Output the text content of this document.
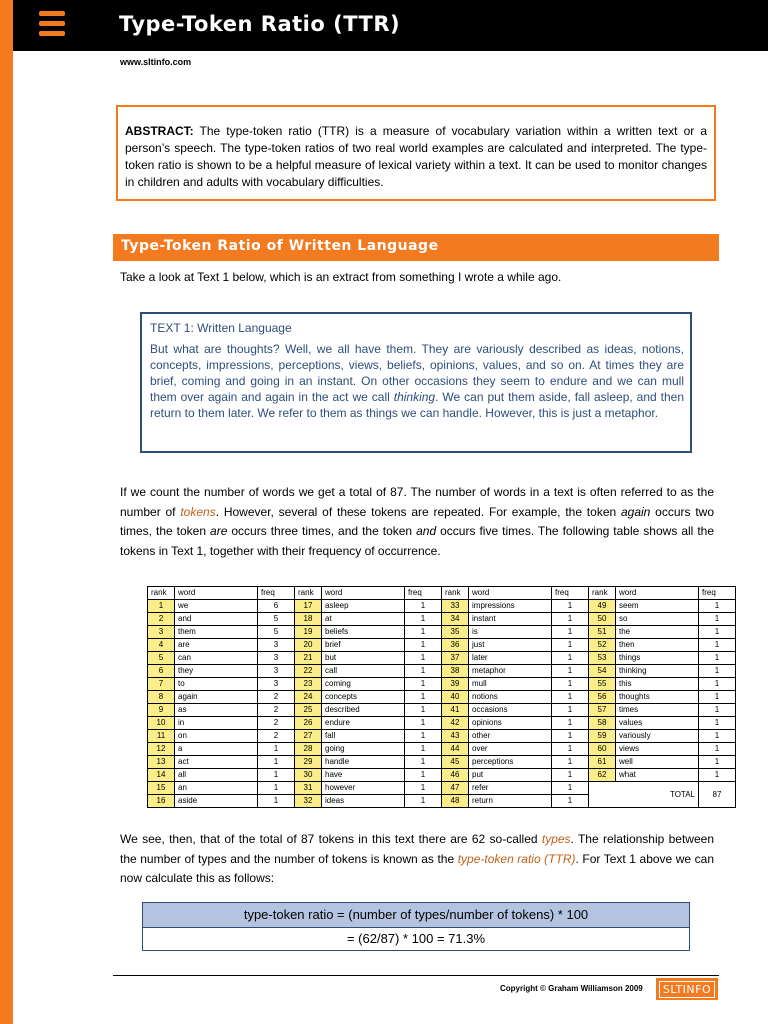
Type-Token Ratio (TTR)
www.sltinfo.com
ABSTRACT: The type-token ratio (TTR) is a measure of vocabulary variation within a written text or a person’s speech. The type-token ratios of two real world examples are calculated and interpreted. The type-token ratio is shown to be a helpful measure of lexical variety within a text. It can be used to monitor changes in children and adults with vocabulary difficulties.
Type-Token Ratio of Written Language
Take a look at Text 1 below, which is an extract from something I wrote a while ago.
TEXT 1: Written Language
But what are thoughts? Well, we all have them. They are variously described as ideas, notions, concepts, impressions, perceptions, views, beliefs, opinions, values, and so on. At times they are brief, coming and going in an instant. On other occasions they seem to endure and we can mull them over again and again in the act we call thinking. We can put them aside, fall asleep, and then return to them later. We refer to them as things we can handle. However, this is just a metaphor.
If we count the number of words we get a total of 87. The number of words in a text is often referred to as the number of tokens. However, several of these tokens are repeated. For example, the token again occurs two times, the token are occurs three times, and the token and occurs five times. The following table shows all the tokens in Text 1, together with their frequency of occurrence.
rank	word	freq	rank	word	freq	rank	word	freq	rank	word	freq
1	we	6	17	asleep	1	33	impressions	1	49	seem	1
2	and	5	18	at	1	34	instant	1	50	so	1
3	them	5	19	beliefs	1	35	is	1	51	the	1
4	are	3	20	brief	1	36	just	1	52	then	1
5	can	3	21	but	1	37	later	1	53	things	1
6	they	3	22	call	1	38	metaphor	1	54	thinking	1
7	to	3	23	coming	1	39	mull	1	55	this	1
8	again	2	24	concepts	1	40	notions	1	56	thoughts	1
9	as	2	25	described	1	41	occasions	1	57	times	1
10	in	2	26	endure	1	42	opinions	1	58	values	1
11	on	2	27	fall	1	43	other	1	59	variously	1
12	a	1	28	going	1	44	over	1	60	views	1
13	act	1	29	handle	1	45	perceptions	1	61	well	1
14	all	1	30	have	1	46	put	1	62	what	1
15	an	1	31	however	1	47	refer	1	TOTAL		87
16	aside	1	32	ideas	1	48	return	1			
We see, then, that of the total of 87 tokens in this text there are 62 so-called types. The relationship between the number of types and the number of tokens is known as the type-token ratio (TTR). For Text 1 above we can now calculate this as follows:
type-token ratio = (number of types/number of tokens) * 100
= (62/87) * 100 = 71.3%
Copyright © Graham Williamson 2009	SLTINFO
